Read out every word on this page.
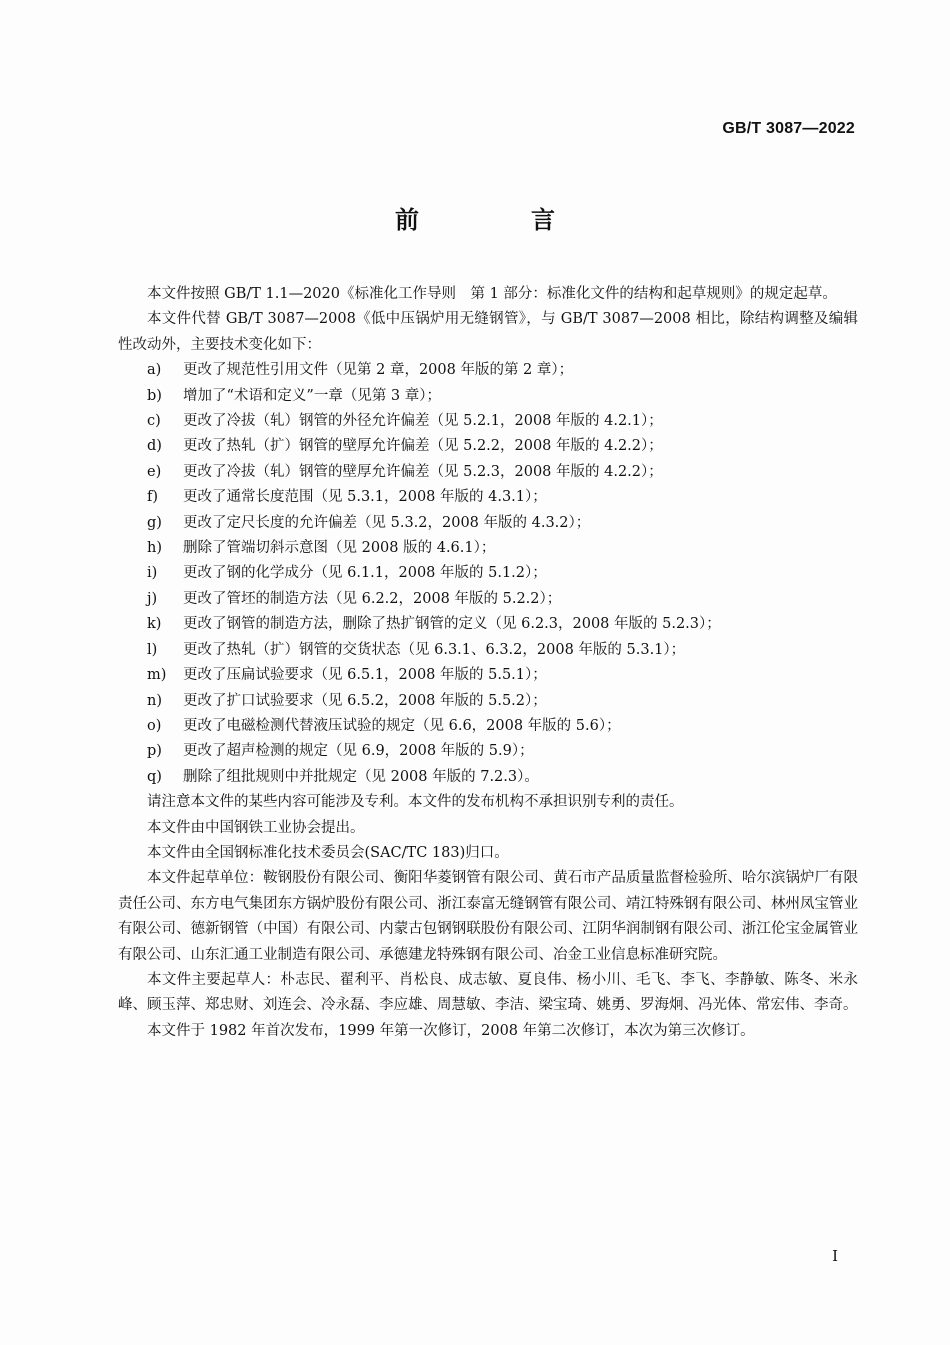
GB/T 3087—2022
前　言

本文件按照 GB/T 1.1—2020《标准化工作导则　第 1 部分：标准化文件的结构和起草规则》的规定起草。

本文件代替 GB/T 3087—2008《低中压锅炉用无缝钢管》，与 GB/T 3087—2008 相比，除结构调整及编辑性改动外，主要技术变化如下：

a)	更改了规范性引用文件（见第 2 章，2008 年版的第 2 章）；
b)	增加了“术语和定义”一章（见第 3 章）；
c)	更改了冷拔（轧）钢管的外径允许偏差（见 5.2.1，2008 年版的 4.2.1）；
d)	更改了热轧（扩）钢管的壁厚允许偏差（见 5.2.2，2008 年版的 4.2.2）；
e)	更改了冷拔（轧）钢管的壁厚允许偏差（见 5.2.3，2008 年版的 4.2.2）；
f)	更改了通常长度范围（见 5.3.1，2008 年版的 4.3.1）；
g)	更改了定尺长度的允许偏差（见 5.3.2，2008 年版的 4.3.2）；
h)	删除了管端切斜示意图（见 2008 版的 4.6.1）；
i)	更改了钢的化学成分（见 6.1.1，2008 年版的 5.1.2）；
j)	更改了管坯的制造方法（见 6.2.2，2008 年版的 5.2.2）；
k)	更改了钢管的制造方法，删除了热扩钢管的定义（见 6.2.3，2008 年版的 5.2.3）；
l)	更改了热轧（扩）钢管的交货状态（见 6.3.1、6.3.2，2008 年版的 5.3.1）；
m)	更改了压扁试验要求（见 6.5.1，2008 年版的 5.5.1）；
n)	更改了扩口试验要求（见 6.5.2，2008 年版的 5.5.2）；
o)	更改了电磁检测代替液压试验的规定（见 6.6，2008 年版的 5.6）；
p)	更改了超声检测的规定（见 6.9，2008 年版的 5.9）；
q)	删除了组批规则中并批规定（见 2008 年版的 7.2.3）。

请注意本文件的某些内容可能涉及专利。本文件的发布机构不承担识别专利的责任。

本文件由中国钢铁工业协会提出。

本文件由全国钢标准化技术委员会(SAC/TC 183)归口。

本文件起草单位：鞍钢股份有限公司、衡阳华菱钢管有限公司、黄石市产品质量监督检验所、哈尔滨锅炉厂有限责任公司、东方电气集团东方锅炉股份有限公司、浙江泰富无缝钢管有限公司、靖江特殊钢有限公司、林州凤宝管业有限公司、德新钢管（中国）有限公司、内蒙古包钢钢联股份有限公司、江阴华润制钢有限公司、浙江伦宝金属管业有限公司、山东汇通工业制造有限公司、承德建龙特殊钢有限公司、冶金工业信息标准研究院。

本文件主要起草人：朴志民、翟利平、肖松良、成志敏、夏良伟、杨小川、毛飞、李飞、李静敏、陈冬、米永峰、顾玉萍、郑忠财、刘连会、冷永磊、李应雄、周慧敏、李洁、梁宝琦、姚勇、罗海炯、冯光体、常宏伟、李奇。

本文件于 1982 年首次发布，1999 年第一次修订，2008 年第二次修订，本次为第三次修订。

I
